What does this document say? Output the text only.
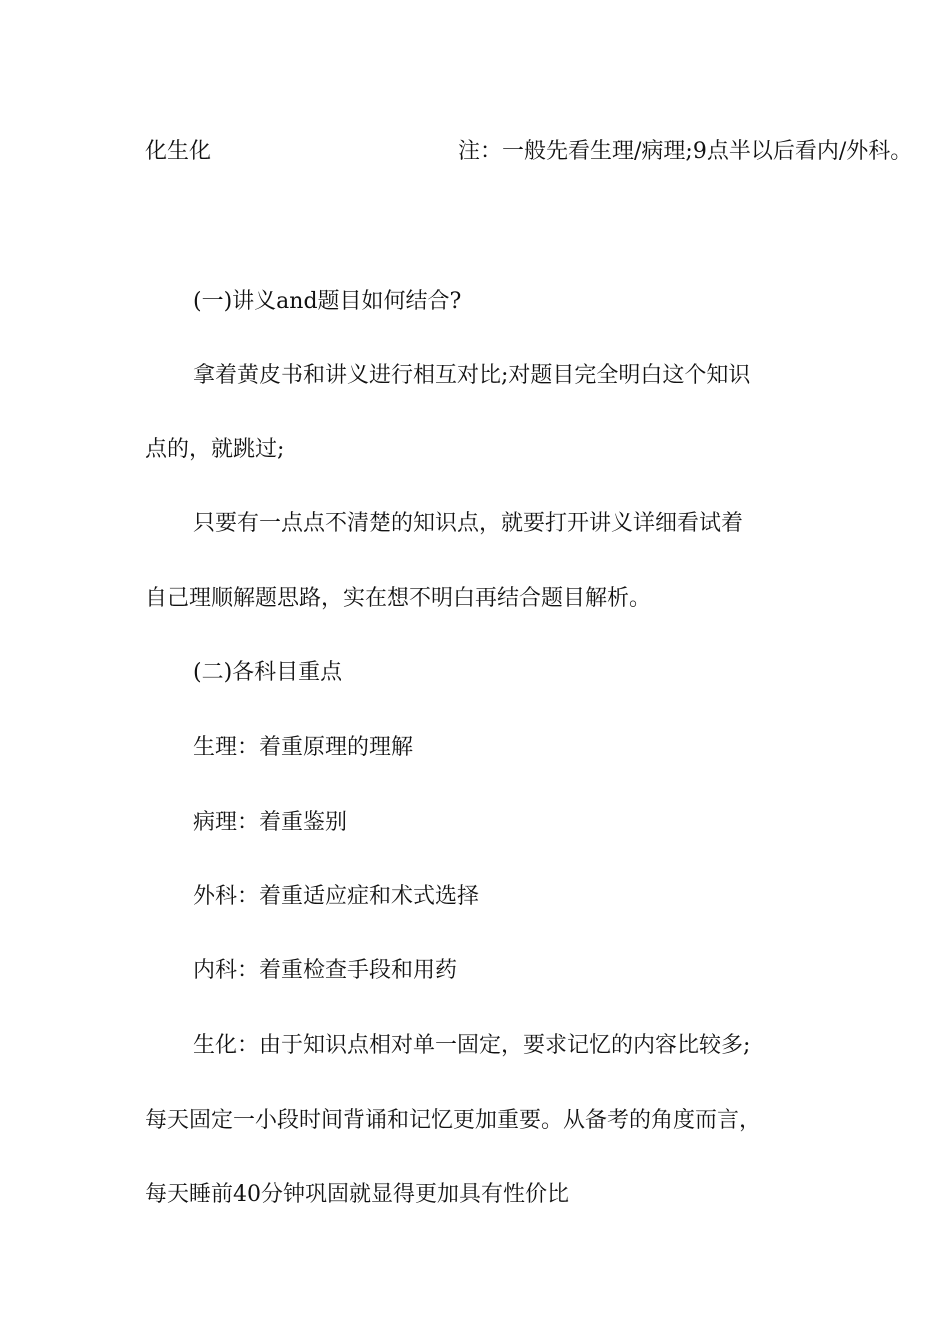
化生化	注：一般先看生理/病理;9点半以后看内/外科。
(一)讲义and题目如何结合?
拿着黄皮书和讲义进行相互对比;对题目完全明白这个知识
点的，就跳过;
只要有一点点不清楚的知识点，就要打开讲义详细看试着
自己理顺解题思路，实在想不明白再结合题目解析。
(二)各科目重点
生理：着重原理的理解
病理：着重鉴别
外科：着重适应症和术式选择
内科：着重检查手段和用药
生化：由于知识点相对单一固定，要求记忆的内容比较多;
每天固定一小段时间背诵和记忆更加重要。从备考的角度而言，
每天睡前40分钟巩固就显得更加具有性价比
